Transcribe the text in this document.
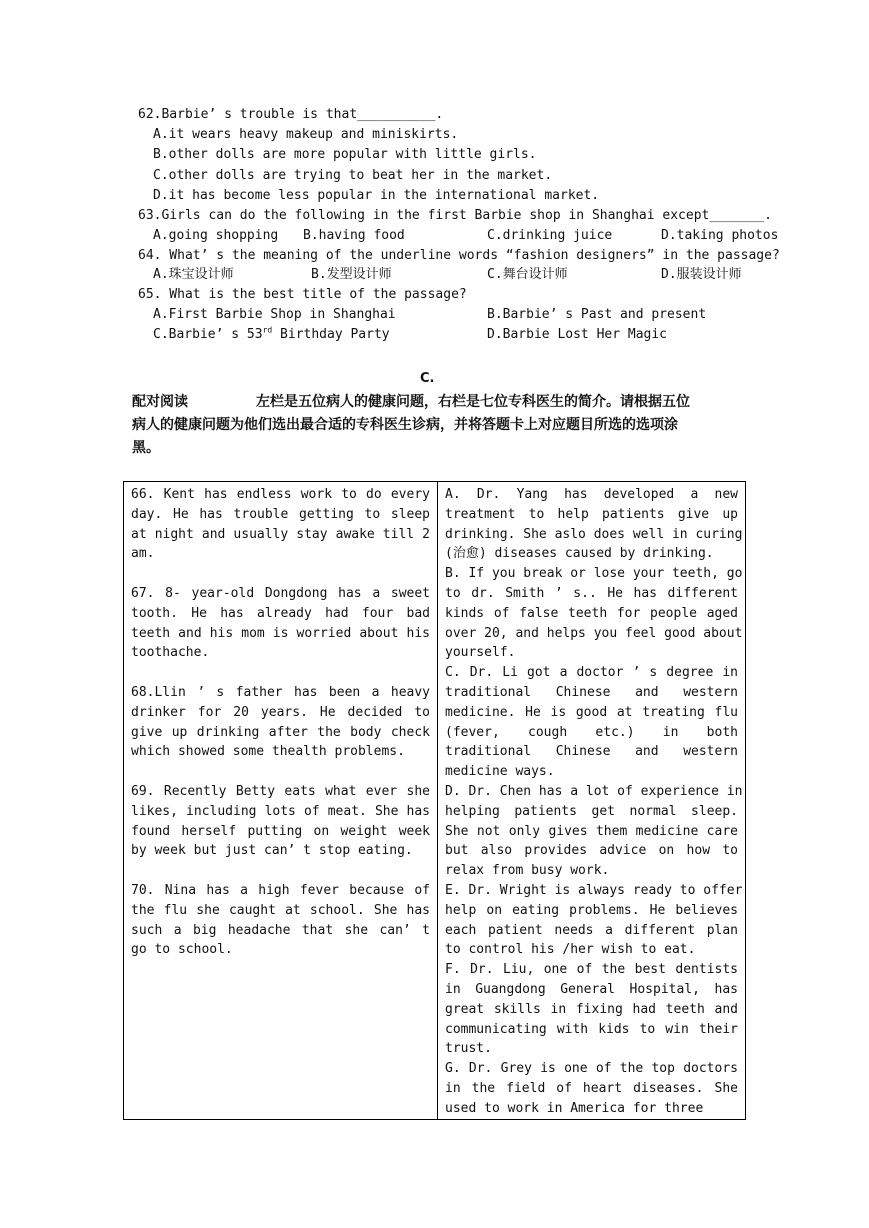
62.Barbie’ s trouble is that__________.
A.it wears heavy makeup and miniskirts.
B.other dolls are more popular with little girls.
C.other dolls are trying to beat her in the market.
D.it has become less popular in the international market.
63.Girls can do the following in the first Barbie shop in Shanghai except_______.
A.going shopping B.having food	C.drinking juice	D.taking photos
64. What’ s the meaning of the underline words “fashion designers” in the passage?
A.珠宝设计师	B.发型设计师	C.舞台设计师	D.服装设计师
65. What is the best title of the passage?
A.First Barbie Shop in Shanghai	B.Barbie’ s Past and present
C.Barbie’ s 53rd Birthday Party	D.Barbie Lost Her Magic
C.
配对阅读	左栏是五位病人的健康问题，右栏是七位专科医生的简介。请根据五位
病人的健康问题为他们选出最合适的专科医生诊病，并将答题卡上对应题目所选的选项涂
黑。
66. Kent has endless work to do every
day. He has trouble getting to sleep
at night and usually stay awake till 2
am.
67. 8- year-old Dongdong has a sweet
tooth. He has already had four bad
teeth and his mom is worried about his
toothache.
68.Llin ’ s father has been a heavy
drinker for 20 years. He decided to
give up drinking after the body check
which showed some thealth problems.
69. Recently Betty eats what ever she
likes, including lots of meat. She has
found herself putting on weight week
by week but just can’ t stop eating.
70. Nina has a high fever because of
the flu she caught at school. She has
such a big headache that she can’ t
go to school.

A. Dr. Yang has developed a new
treatment to help patients give up
drinking. She aslo does well in curing
(治愈) diseases caused by drinking.
B. If you break or lose your teeth, go
to dr. Smith ’ s.. He has different
kinds of false teeth for people aged
over 20, and helps you feel good about
yourself.
C. Dr. Li got a doctor ’ s degree in
traditional Chinese and western
medicine. He is good at treating flu
(fever, cough etc.) in both
traditional Chinese and western
medicine ways.
D. Dr. Chen has a lot of experience in
helping patients get normal sleep.
She not only gives them medicine care
but also provides advice on how to
relax from busy work.
E. Dr. Wright is always ready to offer
help on eating problems. He believes
each patient needs a different plan
to control his /her wish to eat.
F. Dr. Liu, one of the best dentists
in Guangdong General Hospital, has
great skills in fixing had teeth and
communicating with kids to win their
trust.
G. Dr. Grey is one of the top doctors
in the field of heart diseases. She
used to work in America for three
